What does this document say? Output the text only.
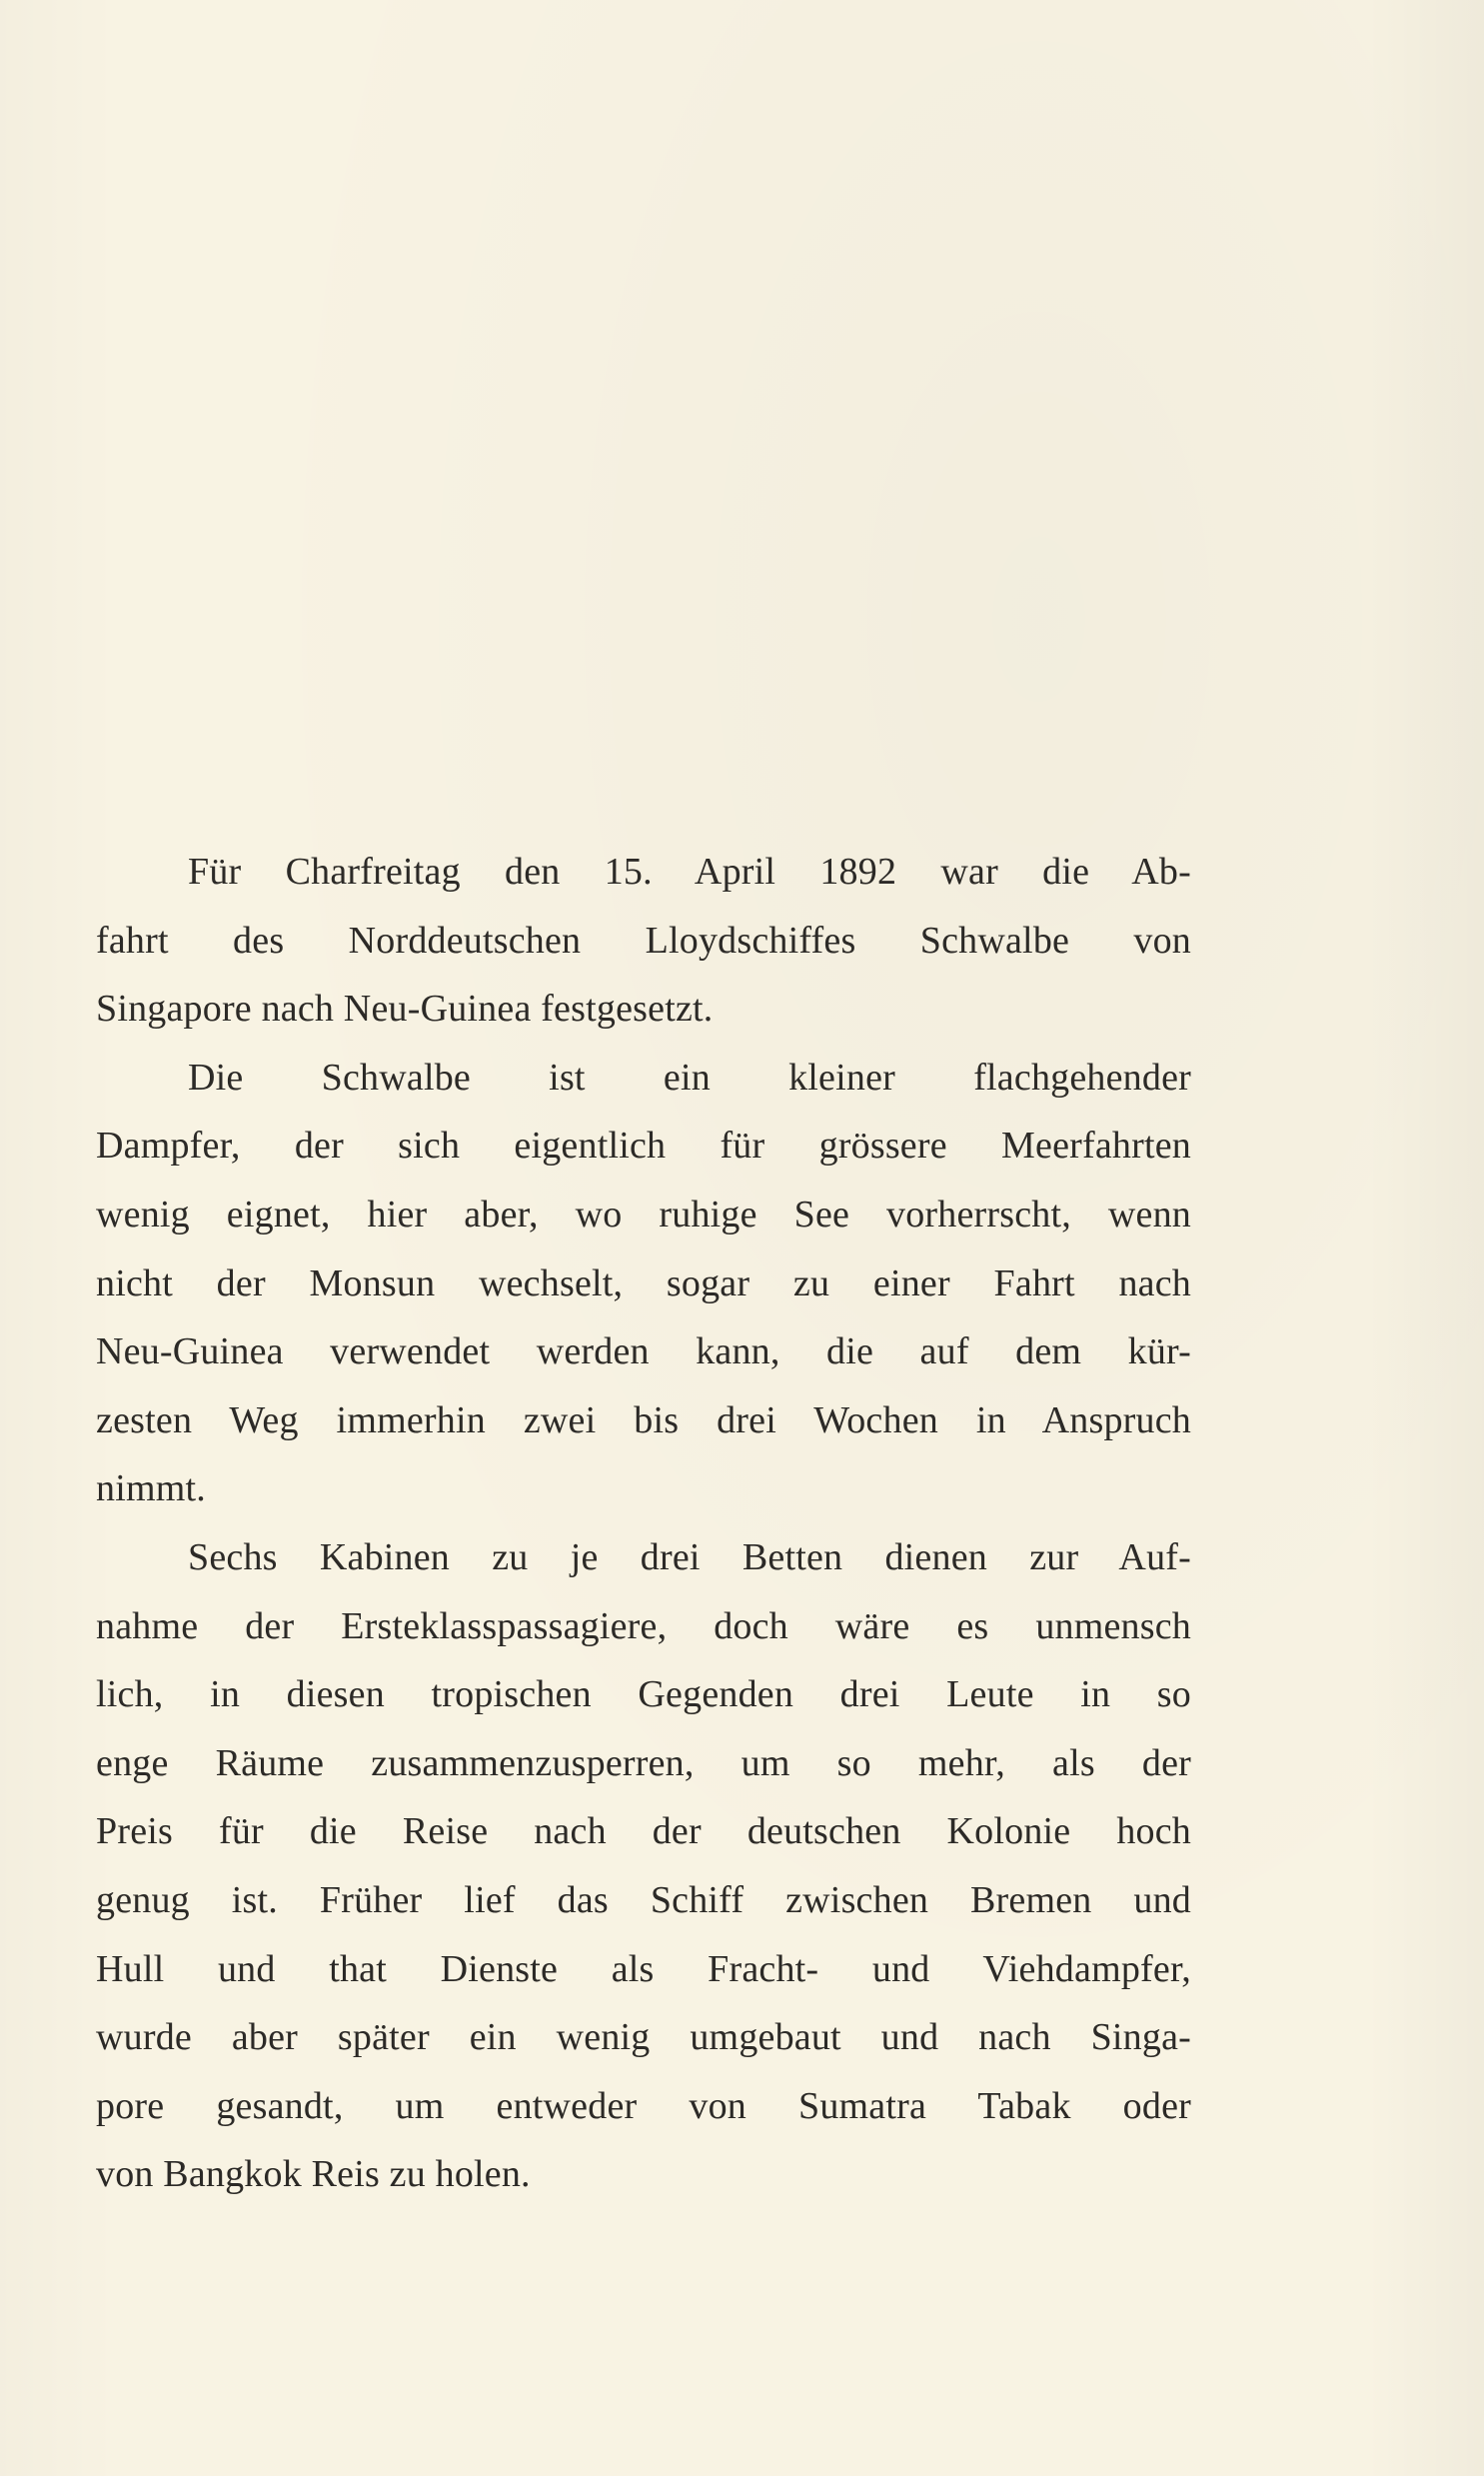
Für Charfreitag den 15. April 1892 war die Ab-
fahrt des Norddeutschen Lloydschiffes Schwalbe von
Singapore nach Neu-Guinea festgesetzt.
Die Schwalbe ist ein kleiner flachgehender
Dampfer, der sich eigentlich für grössere Meerfahrten
wenig eignet, hier aber, wo ruhige See vorherrscht, wenn
nicht der Monsun wechselt, sogar zu einer Fahrt nach
Neu-Guinea verwendet werden kann, die auf dem kür-
zesten Weg immerhin zwei bis drei Wochen in Anspruch
nimmt.
Sechs Kabinen zu je drei Betten dienen zur Auf-
nahme der Ersteklasspassagiere, doch wäre es unmensch
lich, in diesen tropischen Gegenden drei Leute in so
enge Räume zusammenzusperren, um so mehr, als der
Preis für die Reise nach der deutschen Kolonie hoch
genug ist. Früher lief das Schiff zwischen Bremen und
Hull und that Dienste als Fracht- und Viehdampfer,
wurde aber später ein wenig umgebaut und nach Singa-
pore gesandt, um entweder von Sumatra Tabak oder
von Bangkok Reis zu holen.
